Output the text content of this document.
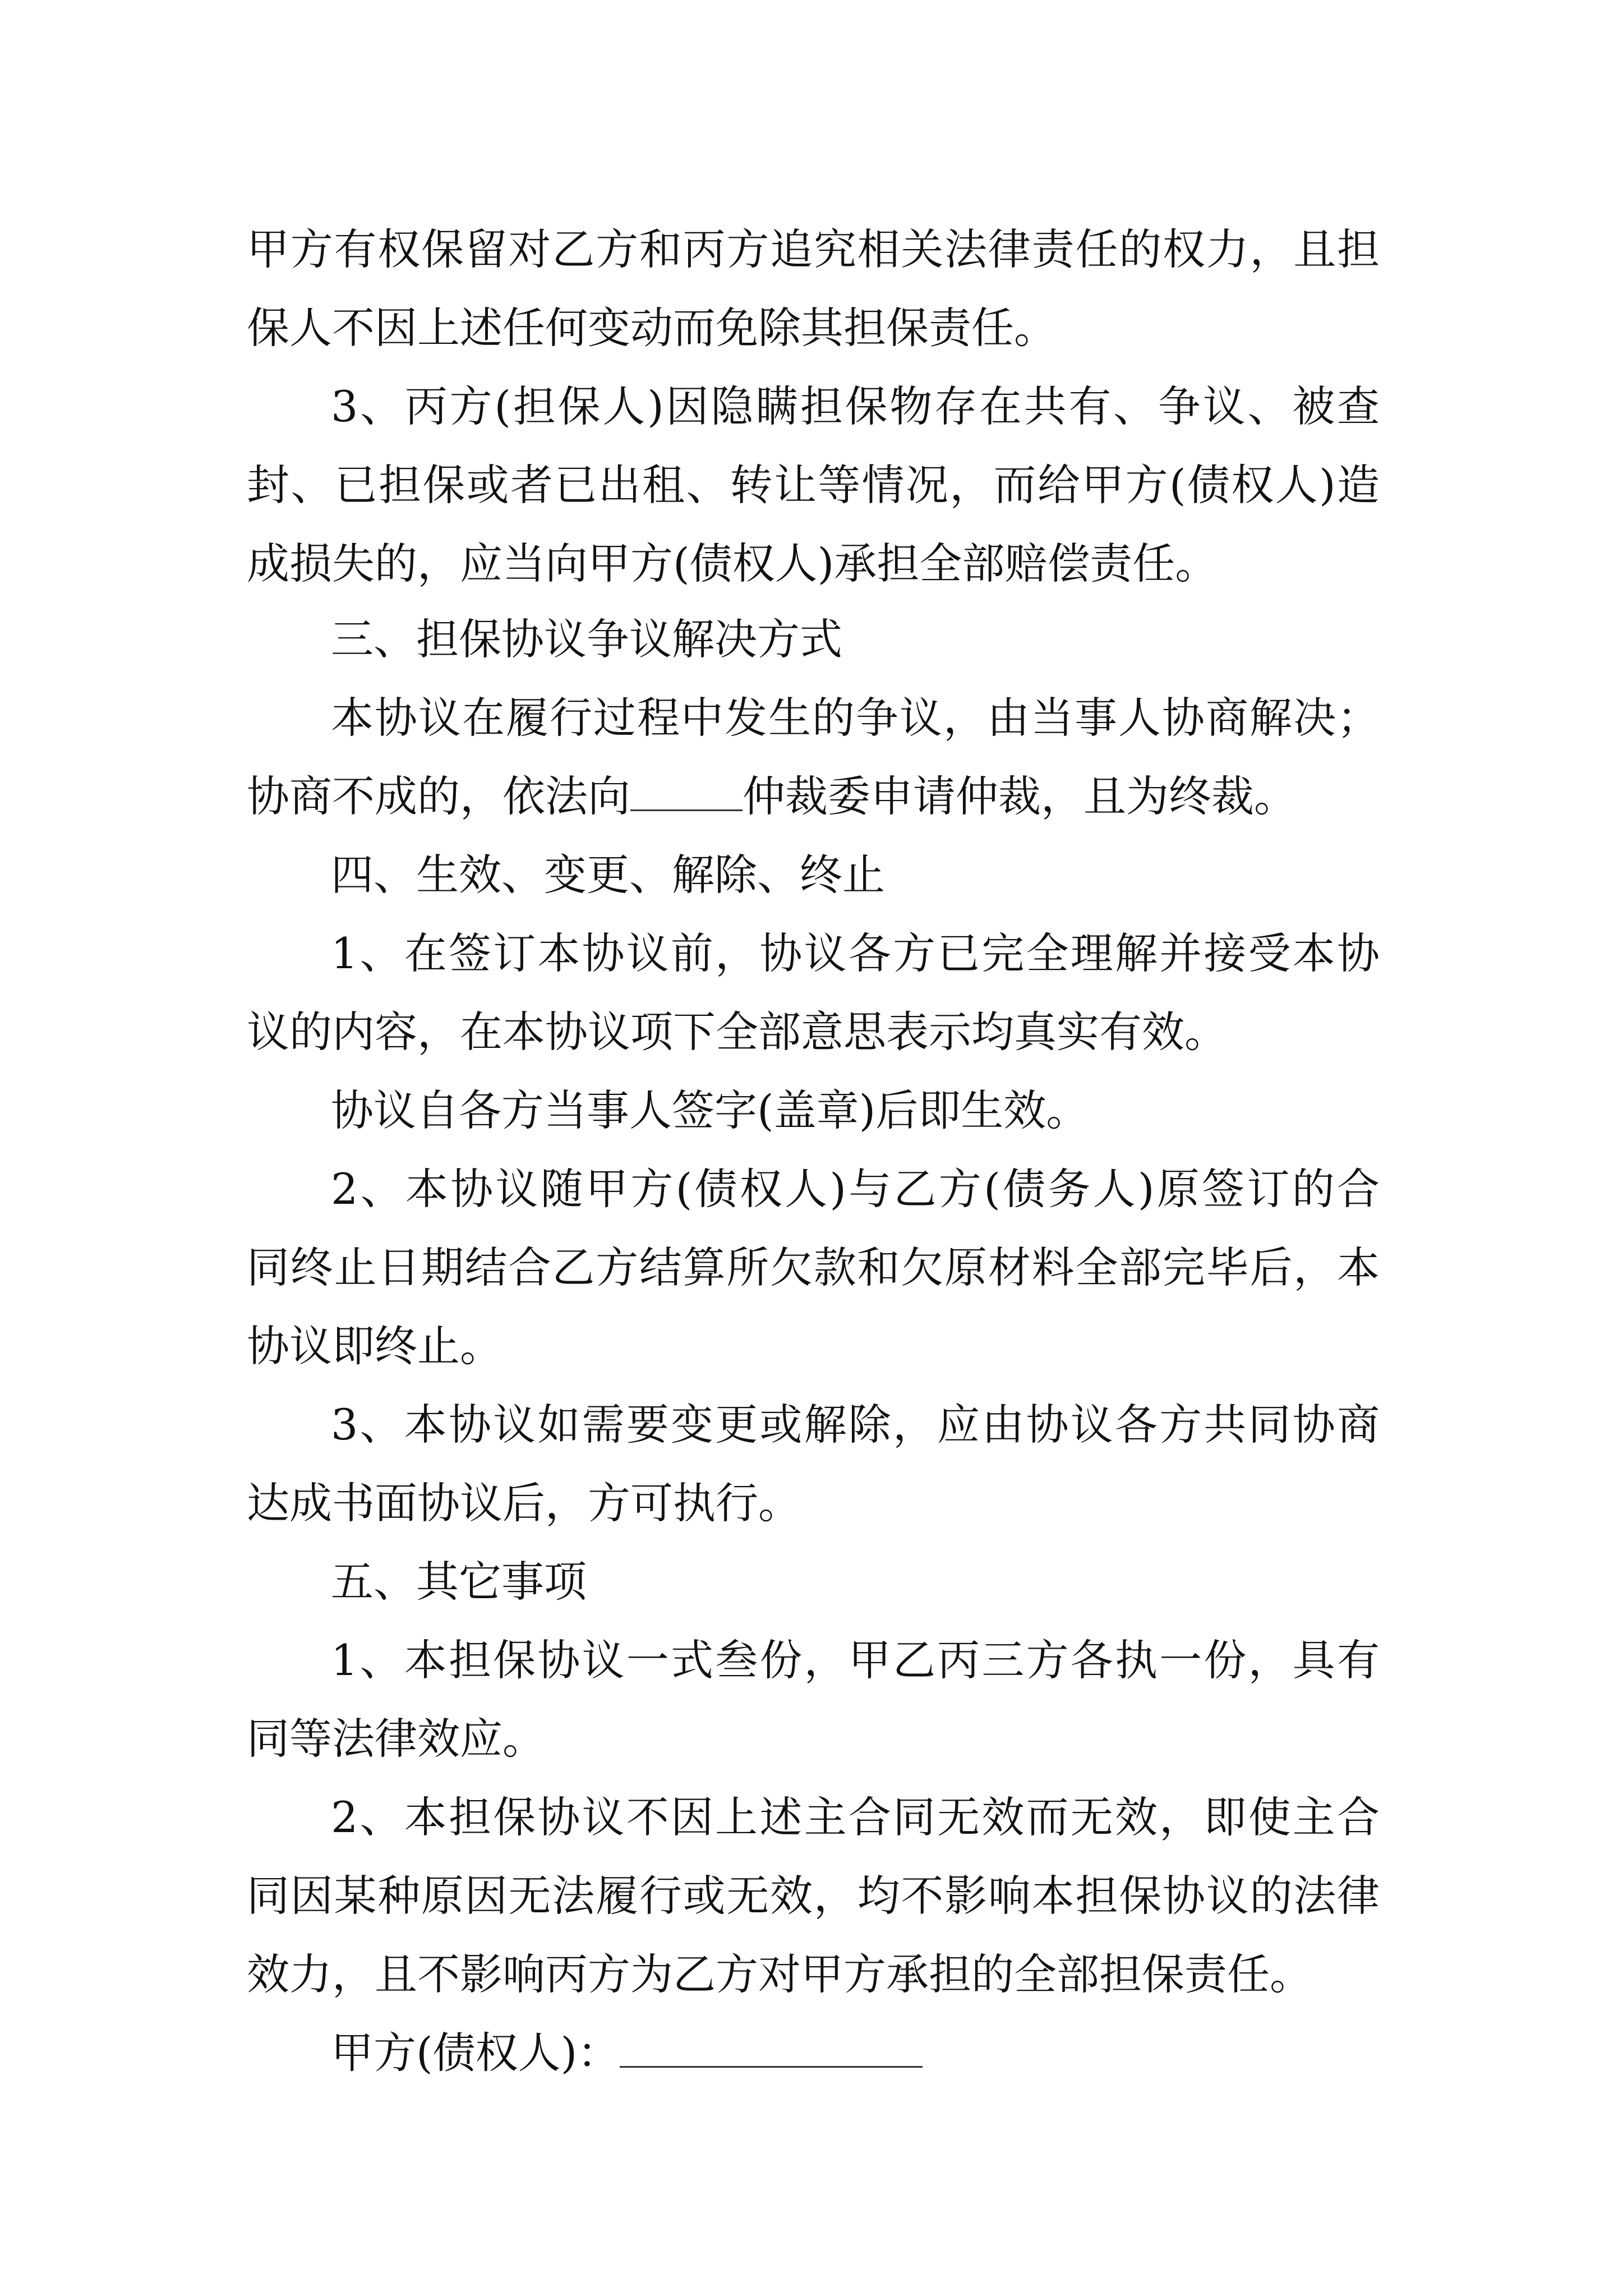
甲方有权保留对乙方和丙方追究相关法律责任的权力，且担
保人不因上述任何变动而免除其担保责任。
3、丙方(担保人)因隐瞒担保物存在共有、争议、被查
封、已担保或者已出租、转让等情况，而给甲方(债权人)造
成损失的，应当向甲方(债权人)承担全部赔偿责任。
三、担保协议争议解决方式
本协议在履行过程中发生的争议，由当事人协商解决；
协商不成的，依法向	仲裁委申请仲裁，且为终裁。
四、生效、变更、解除、终止
1、在签订本协议前，协议各方已完全理解并接受本协
议的内容，在本协议项下全部意思表示均真实有效。
协议自各方当事人签字(盖章)后即生效。
2、本协议随甲方(债权人)与乙方(债务人)原签订的合
同终止日期结合乙方结算所欠款和欠原材料全部完毕后，本
协议即终止。
3、本协议如需要变更或解除，应由协议各方共同协商
达成书面协议后，方可执行。
五、其它事项
1、本担保协议一式叁份，甲乙丙三方各执一份，具有
同等法律效应。
2、本担保协议不因上述主合同无效而无效，即使主合
同因某种原因无法履行或无效，均不影响本担保协议的法律
效力，且不影响丙方为乙方对甲方承担的全部担保责任。
甲方(债权人)：
